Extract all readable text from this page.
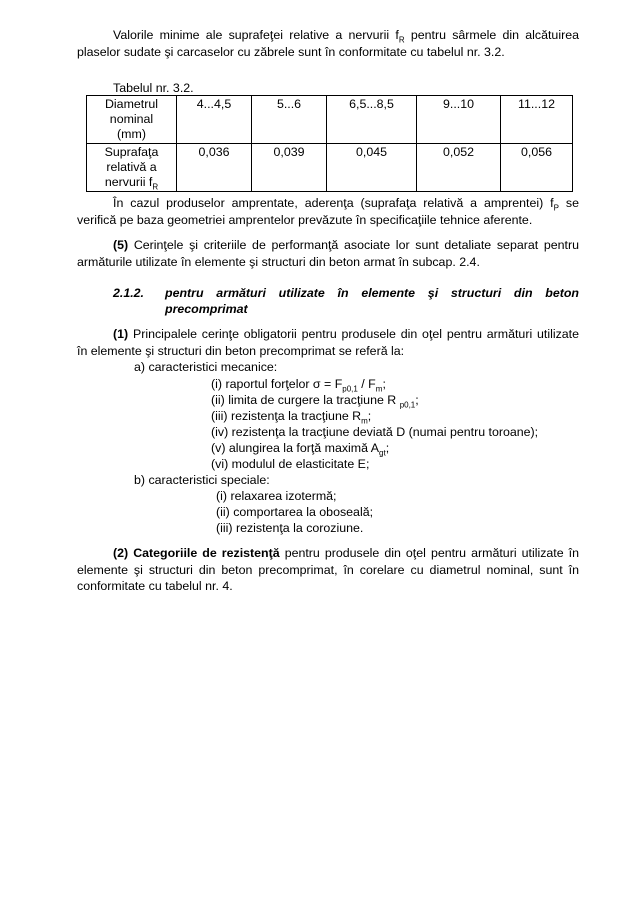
Valorile minime ale suprafeţei relative a nervurii $f_R$ pentru sârmele din alcătuirea plaselor sudate şi carcaselor cu zăbrele sunt în conformitate cu tabelul nr. 3.2.

Tabelul nr. 3.2.

Diametrul
nominal
(mm)	4...4,5	5...6	6,5...8,5	9...10	11...12
Suprafaţa
relativă a
nervurii $f_R$	0,036	0,039	0,045	0,052	0,056

În cazul produselor amprentate, aderenţa (suprafaţa relativă a amprentei) $f_P$ se verifică pe baza geometriei amprentelor prevăzute în specificaţiile tehnice aferente.

(5) Cerinţele şi criteriile de performanţă asociate lor sunt detaliate separat pentru armăturile utilizate în elemente şi structuri din beton armat în subcap. 2.4.

2.1.2. pentru armături utilizate în elemente şi structuri din beton

precomprimat

(1) Principalele cerinţe obligatorii pentru produsele din oţel pentru armături utilizate în elemente şi structuri din beton precomprimat se referă la:

a) caracteristici mecanice:

(i) raportul forţelor $\sigma = F_{p0,1} / F_m$;

(ii) limita de curgere la tracţiune R $_{p0,1}$;

(iii) rezistenţa la tracţiune $R_m$;

(iv) rezistenţa la tracţiune deviată D (numai pentru toroane);

(v) alungirea la forţă maximă $A_{gt}$;

(vi) modulul de elasticitate E;

b) caracteristici speciale:

(i) relaxarea izotermă;

(ii) comportarea la oboseală;

(iii) rezistenţa la coroziune.

(2) Categoriile de rezistenţă pentru produsele din oţel pentru armături utilizate în elemente şi structuri din beton precomprimat, în corelare cu diametrul nominal, sunt în conformitate cu tabelul nr. 4.
